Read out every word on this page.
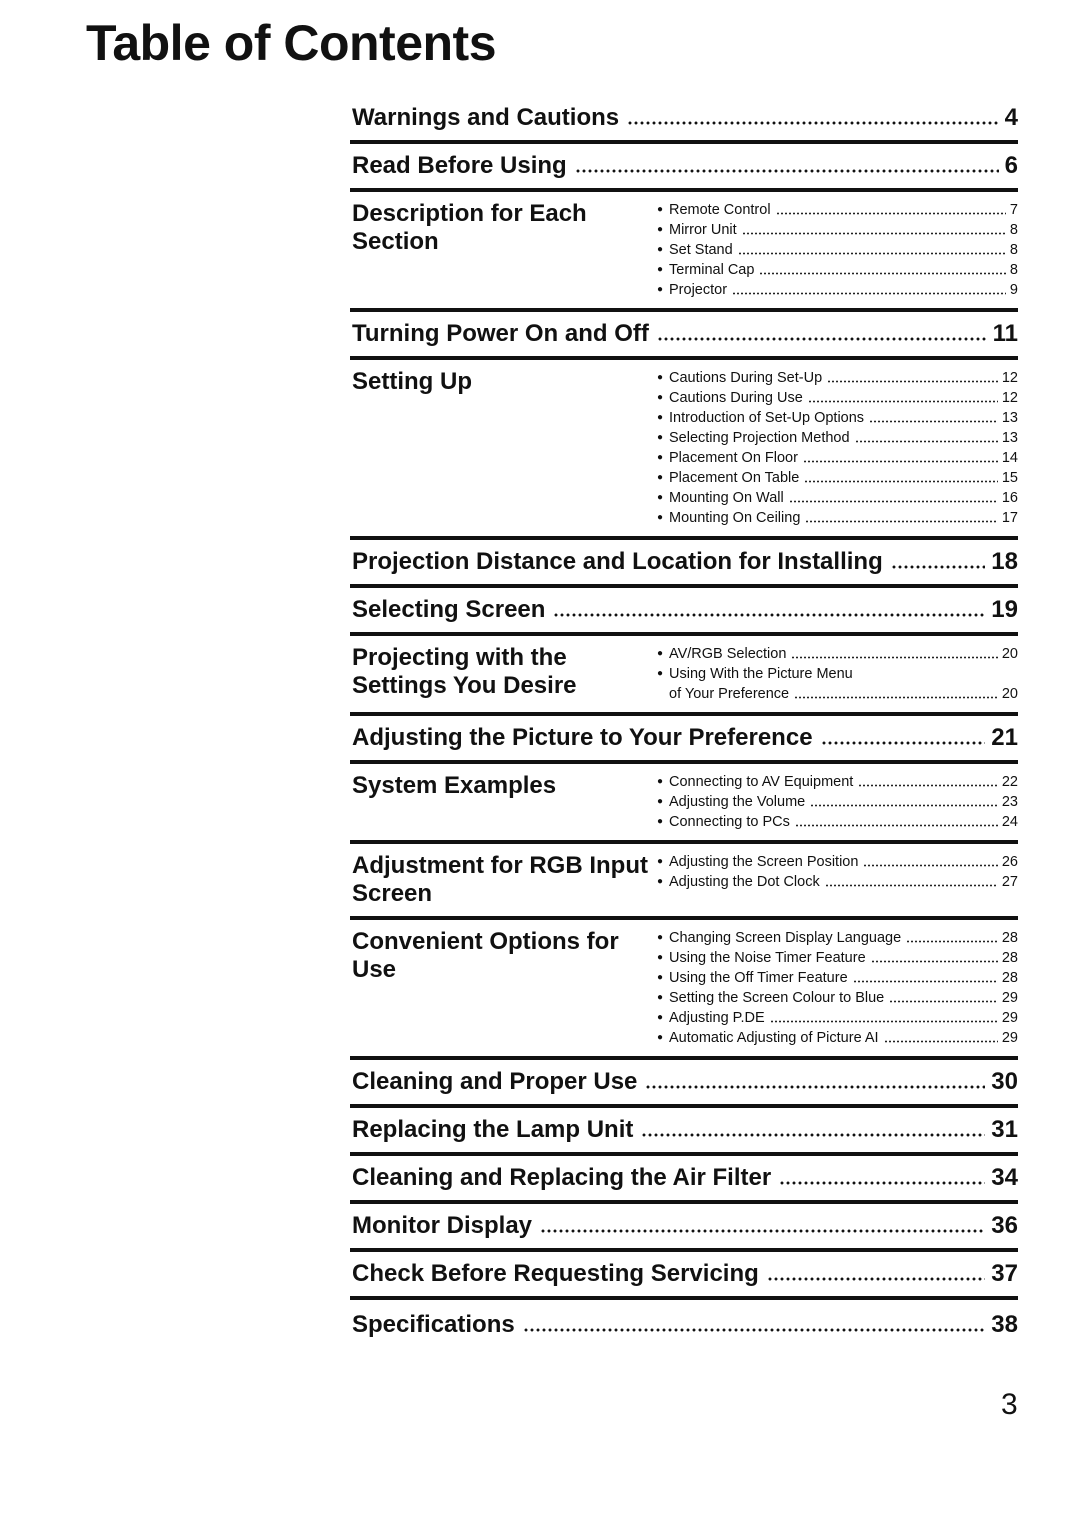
Table of Contents
Warnings and Cautions	4
Read Before Using	6
Description for Each Section
● Remote Control	7
● Mirror Unit	8
● Set Stand	8
● Terminal Cap	8
● Projector	9
Turning Power On and Off	11
Setting Up	● Cautions During Set-Up	12
● Cautions During Use	12
● Introduction of Set-Up Options	13
● Selecting Projection Method	13
● Placement On Floor	14
● Placement On Table	15
● Mounting On Wall	16
● Mounting On Ceiling	17
Projection Distance and Location for Installing	18
Selecting Screen	19
Projecting with the Settings You Desire
● AV/RGB Selection	20
● Using With the Picture Menu
of Your Preference	20
Adjusting the Picture to Your Preference	21
System Examples	● Connecting to AV Equipment	22
● Adjusting the Volume	23
● Connecting to PCs	24
Adjustment for RGB Input Screen
● Adjusting the Screen Position	26
● Adjusting the Dot Clock	27
Convenient Options for Use
● Changing Screen Display Language	28
● Using the Noise Timer Feature	28
● Using the Off Timer Feature	28
● Setting the Screen Colour to Blue	29
● Adjusting P.DE	29
● Automatic Adjusting of Picture AI	29
Cleaning and Proper Use	30
Replacing the Lamp Unit	31
Cleaning and Replacing the Air Filter	34
Monitor Display	36
Check Before Requesting Servicing	37
Specifications	38
3
